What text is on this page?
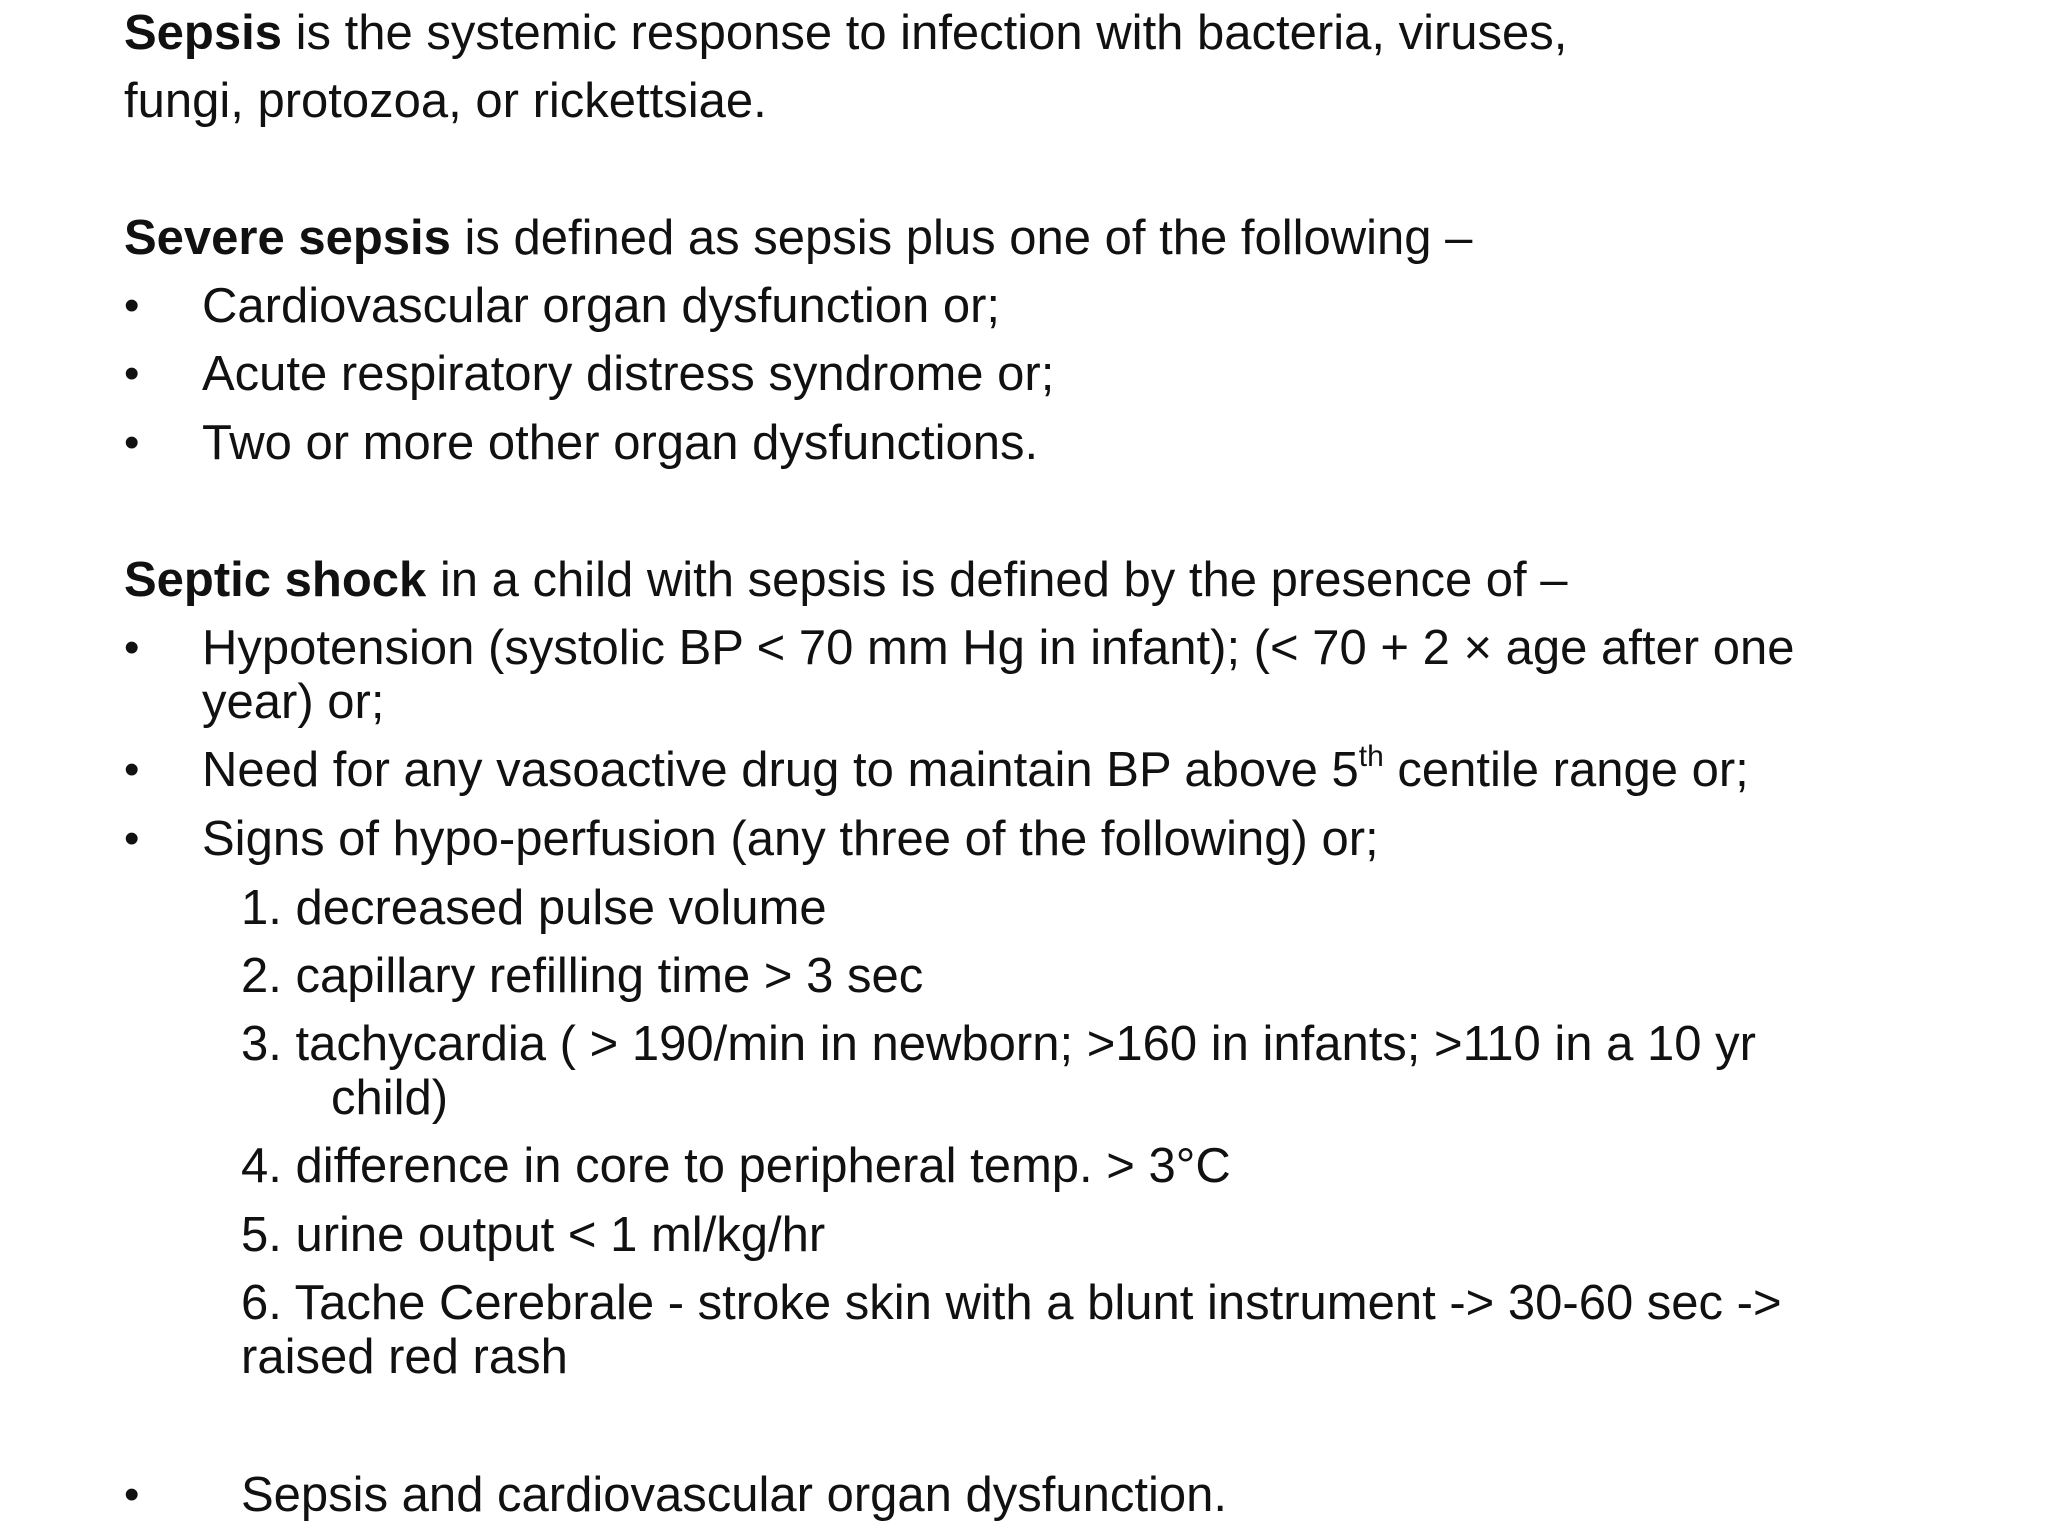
Sepsis is the systemic response to infection with bacteria, viruses,
fungi, protozoa, or rickettsiae.
Severe sepsis is defined as sepsis plus one of the following –
• Cardiovascular organ dysfunction or;
• Acute respiratory distress syndrome or;
• Two or more other organ dysfunctions.
Septic shock in a child with sepsis is defined by the presence of –
• Hypotension (systolic BP < 70 mm Hg in infant); (< 70 + 2 × age after one
year) or;
• Need for any vasoactive drug to maintain BP above 5th centile range or;
• Signs of hypo-perfusion (any three of the following) or;
1. decreased pulse volume
2. capillary refilling time > 3 sec
3. tachycardia ( > 190/min in newborn; >160 in infants; >110 in a 10 yr
child)
4. difference in core to peripheral temp. > 3°C
5. urine output < 1 ml/kg/hr
6. Tache Cerebrale - stroke skin with a blunt instrument -> 30-60 sec ->
raised red rash
• Sepsis and cardiovascular organ dysfunction.
